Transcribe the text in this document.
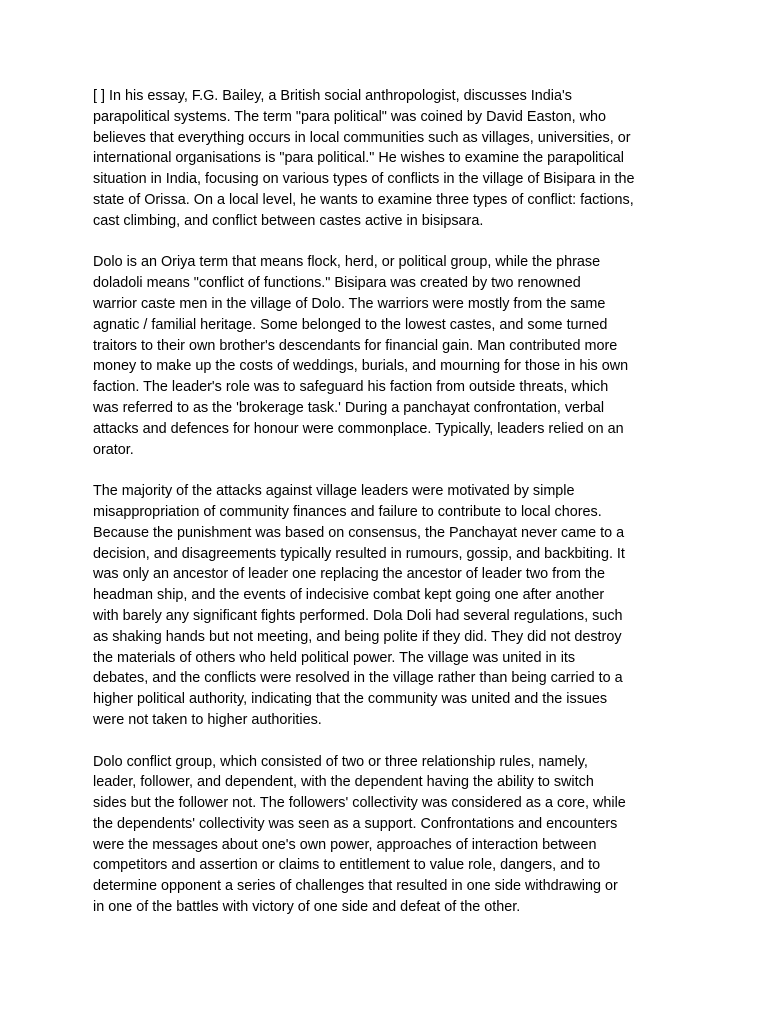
[ ] In his essay, F.G. Bailey, a British social anthropologist, discusses India's
parapolitical systems. The term "para political" was coined by David Easton, who
believes that everything occurs in local communities such as villages, universities, or
international organisations is "para political." He wishes to examine the parapolitical
situation in India, focusing on various types of conflicts in the village of Bisipara in the
state of Orissa. On a local level, he wants to examine three types of conflict: factions,
cast climbing, and conflict between castes active in bisipsara.

Dolo is an Oriya term that means flock, herd, or political group, while the phrase
doladoli means "conflict of functions." Bisipara was created by two renowned
warrior caste men in the village of Dolo. The warriors were mostly from the same
agnatic / familial heritage. Some belonged to the lowest castes, and some turned
traitors to their own brother's descendants for financial gain. Man contributed more
money to make up the costs of weddings, burials, and mourning for those in his own
faction. The leader's role was to safeguard his faction from outside threats, which
was referred to as the 'brokerage task.' During a panchayat confrontation, verbal
attacks and defences for honour were commonplace. Typically, leaders relied on an
orator.

The majority of the attacks against village leaders were motivated by simple
misappropriation of community finances and failure to contribute to local chores.
Because the punishment was based on consensus, the Panchayat never came to a
decision, and disagreements typically resulted in rumours, gossip, and backbiting. It
was only an ancestor of leader one replacing the ancestor of leader two from the
headman ship, and the events of indecisive combat kept going one after another
with barely any significant fights performed. Dola Doli had several regulations, such
as shaking hands but not meeting, and being polite if they did. They did not destroy
the materials of others who held political power. The village was united in its
debates, and the conflicts were resolved in the village rather than being carried to a
higher political authority, indicating that the community was united and the issues
were not taken to higher authorities.

Dolo conflict group, which consisted of two or three relationship rules, namely,
leader, follower, and dependent, with the dependent having the ability to switch
sides but the follower not. The followers' collectivity was considered as a core, while
the dependents' collectivity was seen as a support. Confrontations and encounters
were the messages about one's own power, approaches of interaction between
competitors and assertion or claims to entitlement to value role, dangers, and to
determine opponent a series of challenges that resulted in one side withdrawing or
in one of the battles with victory of one side and defeat of the other.
